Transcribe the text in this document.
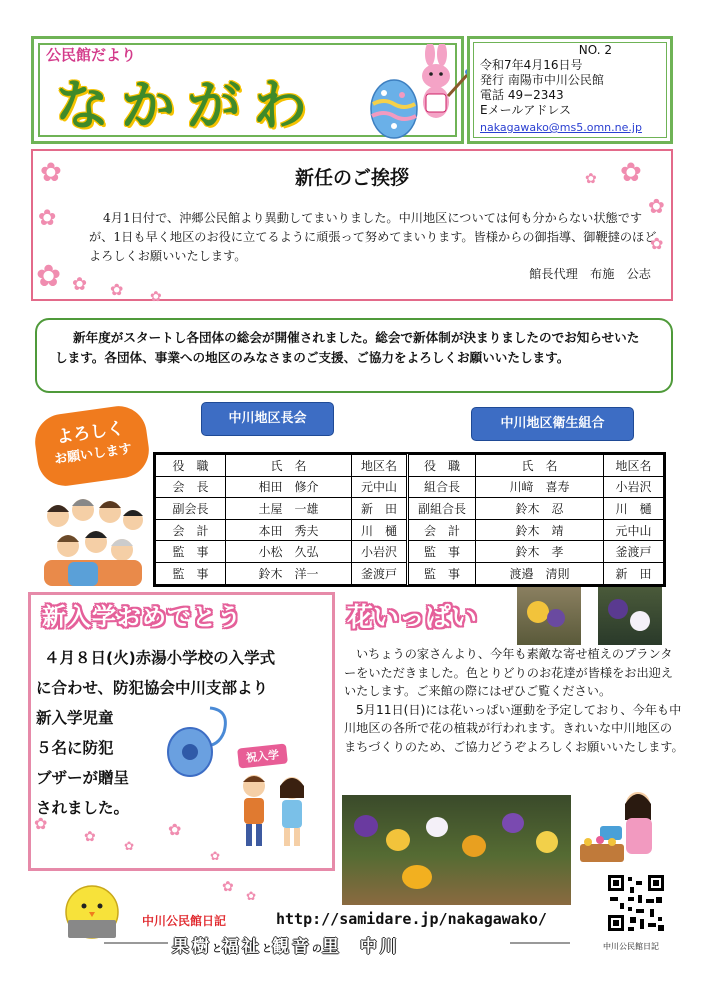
公民館だより
なかがわ
NO. 2
令和7年4月16日号
発行 南陽市中川公民館
電話 49−2343
Eメールアドレス
nakagawako@ms5.omn.ne.jp
新任のご挨拶
4月1日付で、沖郷公民館より異動してまいりました。中川地区については何も分からない状態ですが、1日も早く地区のお役に立てるように頑張って努めてまいります。皆様からの御指導、御鞭撻のほどよろしくお願いいたします。
館長代理　布施　公志
✿
✿
✿ ✿ ✿ ✿
✿
✿
✿
✿
新年度がスタートし各団体の総会が開催されました。総会で新体制が決まりましたのでお知らせいたします。各団体、事業への地区のみなさまのご支援、ご協力をよろしくお願いいたします。
よろしく
お願いします
中川地区長会	中川地区衛生組合
役　職	氏　名	地区名	役　職	氏　名	地区名
会　長	相田　修介	元中山	組合長	川﨑　喜寿	小岩沢
副会長	土屋　一雄	新　田	副組合長	鈴木　忍	川　樋
会　計	本田　秀夫	川　樋	会　計	鈴木　靖	元中山
監　事	小松　久弘	小岩沢	監　事	鈴木　孝	釜渡戸
監　事	鈴木　洋一	釜渡戸	監　事	渡邉　清則	新　田
新入学おめでとう
４月８日(火)赤湯小学校の入学式
に合わせ、防犯協会中川支部より
新入学児童
５名に防犯
ブザーが贈呈
されました。
祝入学
✿
✿
✿
✿
✿
花いっぱい

いちょうの家さんより、今年も素敵な寄せ植えのプランターをいただきました。色とりどりのお花達が皆様をお出迎えいたします。ご来館の際にはぜひご覧ください。

5月11日(日)には花いっぱい運動を予定しており、今年も中川地区の各所で花の植栽が行われます。きれいな中川地区のまちづくりのため、ご協力どうぞよろしくお願いいたします。

中川公民館日記	http://samidare.jp/nakagawako/
果樹と福祉と観音の里 中川
✿
✿
中川公民館日記
